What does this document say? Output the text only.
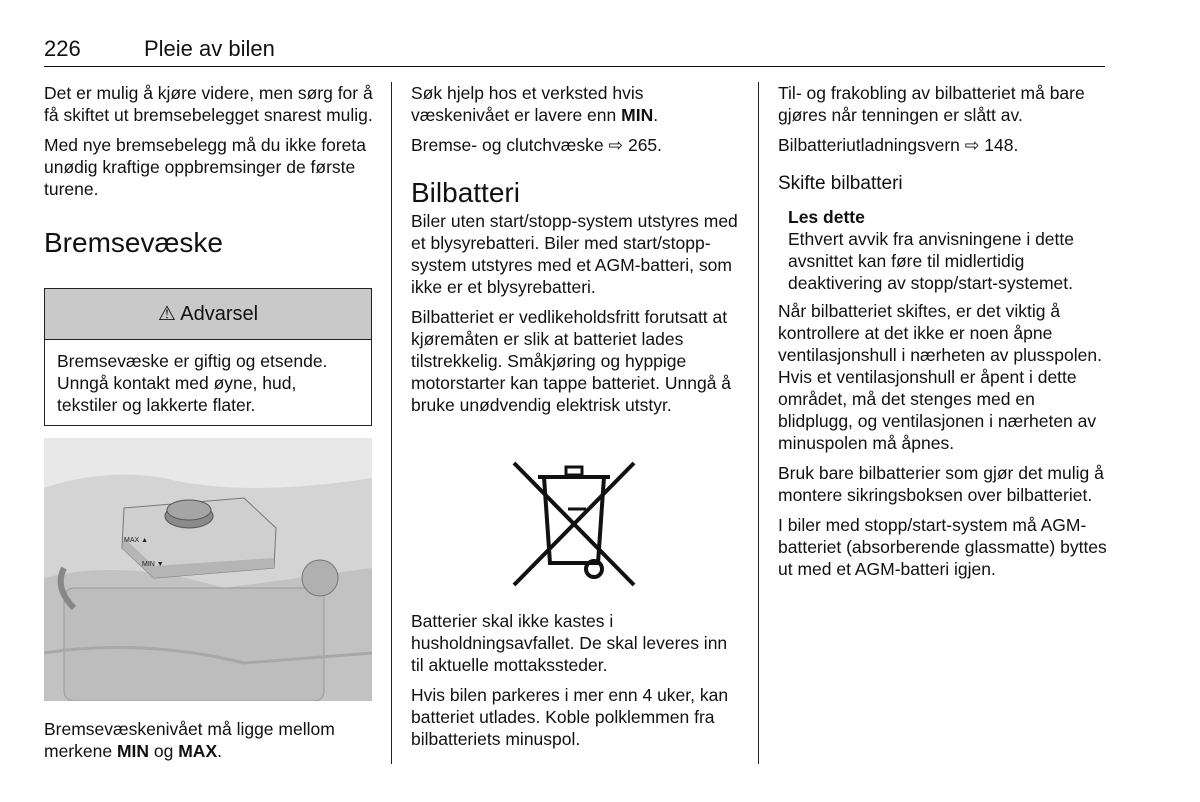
226	Pleie av bilen

Det er mulig å kjøre videre, men sørg for å få skiftet ut bremsebelegget snarest mulig.

Med nye bremsebelegg må du ikke foreta unødig kraftige oppbremsinger de første turene.

Bremsevæske
⚠ Advarsel
Bremsevæske er giftig og etsende. Unngå kontakt med øyne, hud, tekstiler og lakkerte flater.
MAX ▲
MIN ▼

Bremsevæskenivået må ligge mellom merkene MIN og MAX.

Søk hjelp hos et verksted hvis væskenivået er lavere enn MIN.

Bremse- og clutchvæske ⇨ 265.

Bilbatteri

Biler uten start/stopp-system utstyres med et blysyrebatteri. Biler med start/stopp-system utstyres med et AGM-batteri, som ikke er et blysyrebatteri.

Bilbatteriet er vedlikeholdsfritt forutsatt at kjøremåten er slik at batteriet lades tilstrekkelig. Småkjøring og hyppige motorstarter kan tappe batteriet. Unngå å bruke unødvendig elektrisk utstyr.

Batterier skal ikke kastes i husholdningsavfallet. De skal leveres inn til aktuelle mottakssteder.

Hvis bilen parkeres i mer enn 4 uker, kan batteriet utlades. Koble polklemmen fra bilbatteriets minuspol.

Til- og frakobling av bilbatteriet må bare gjøres når tenningen er slått av.

Bilbatteriutladningsvern ⇨ 148.

Skifte bilbatteri
Les dette
Ethvert avvik fra anvisningene i dette avsnittet kan føre til midlertidig deaktivering av stopp/start-systemet.

Når bilbatteriet skiftes, er det viktig å kontrollere at det ikke er noen åpne ventilasjonshull i nærheten av plusspolen. Hvis et ventilasjonshull er åpent i dette området, må det stenges med en blidplugg, og ventilasjonen i nærheten av minuspolen må åpnes.

Bruk bare bilbatterier som gjør det mulig å montere sikringsboksen over bilbatteriet.

I biler med stopp/start-system må AGM-batteriet (absorberende glassmatte) byttes ut med et AGM-batteri igjen.
